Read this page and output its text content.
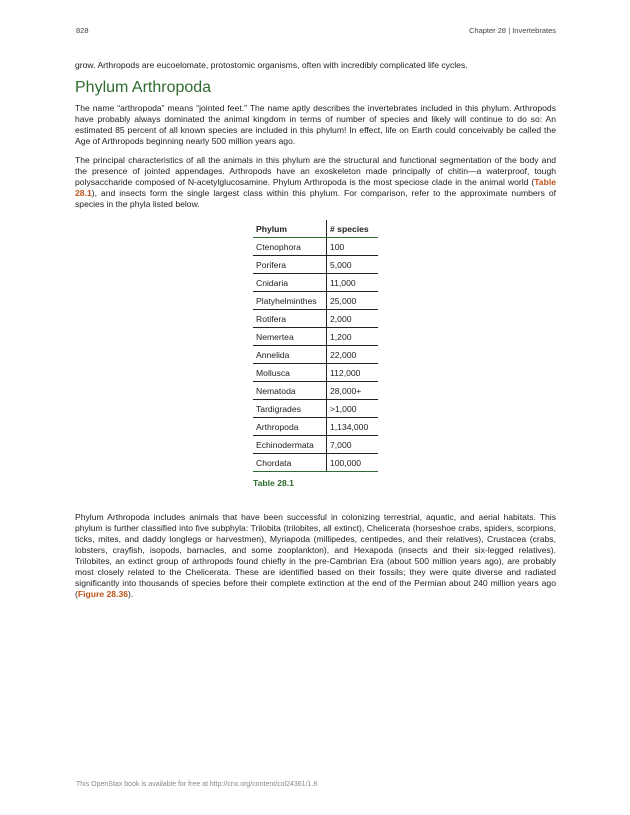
828	Chapter 28 | Invertebrates

grow. Arthropods are eucoelomate, protostomic organisms, often with incredibly complicated life cycles.

Phylum Arthropoda

The name “arthropoda” means “jointed feet.” The name aptly describes the invertebrates included in this phylum. Arthropods have probably always dominated the animal kingdom in terms of number of species and likely will continue to do so: An estimated 85 percent of all known species are included in this phylum! In effect, life on Earth could conceivably be called the Age of Arthropods beginning nearly 500 million years ago.

The principal characteristics of all the animals in this phylum are the structural and functional segmentation of the body and the presence of jointed appendages. Arthropods have an exoskeleton made principally of chitin—a waterproof, tough polysaccharide composed of N-acetylglucosamine. Phylum Arthropoda is the most speciose clade in the animal world (Table 28.1), and insects form the single largest class within this phylum. For comparison, refer to the approximate numbers of species in the phyla listed below.

Phylum	# species
Ctenophora	100
Porifera	5,000
Cnidaria	11,000
Platyhelminthes	25,000
Rotifera	2,000
Nemertea	1,200
Annelida	22,000
Mollusca	112,000
Nematoda	28,000+
Tardigrades	>1,000
Arthropoda	1,134,000
Echinodermata	7,000
Chordata	100,000
Table 28.1

Phylum Arthropoda includes animals that have been successful in colonizing terrestrial, aquatic, and aerial habitats. This phylum is further classified into five subphyla: Trilobita (trilobites, all extinct), Chelicerata (horseshoe crabs, spiders, scorpions, ticks, mites, and daddy longlegs or harvestmen), Myriapoda (millipedes, centipedes, and their relatives), Crustacea (crabs, lobsters, crayfish, isopods, barnacles, and some zooplankton), and Hexapoda (insects and their six-legged relatives). Trilobites, an extinct group of arthropods found chiefly in the pre-Cambrian Era (about 500 million years ago), are probably most closely related to the Chelicerata. These are identified based on their fossils; they were quite diverse and radiated significantly into thousands of species before their complete extinction at the end of the Permian about 240 million years ago (Figure 28.36).

This OpenStax book is available for free at http://cnx.org/content/col24361/1.8
